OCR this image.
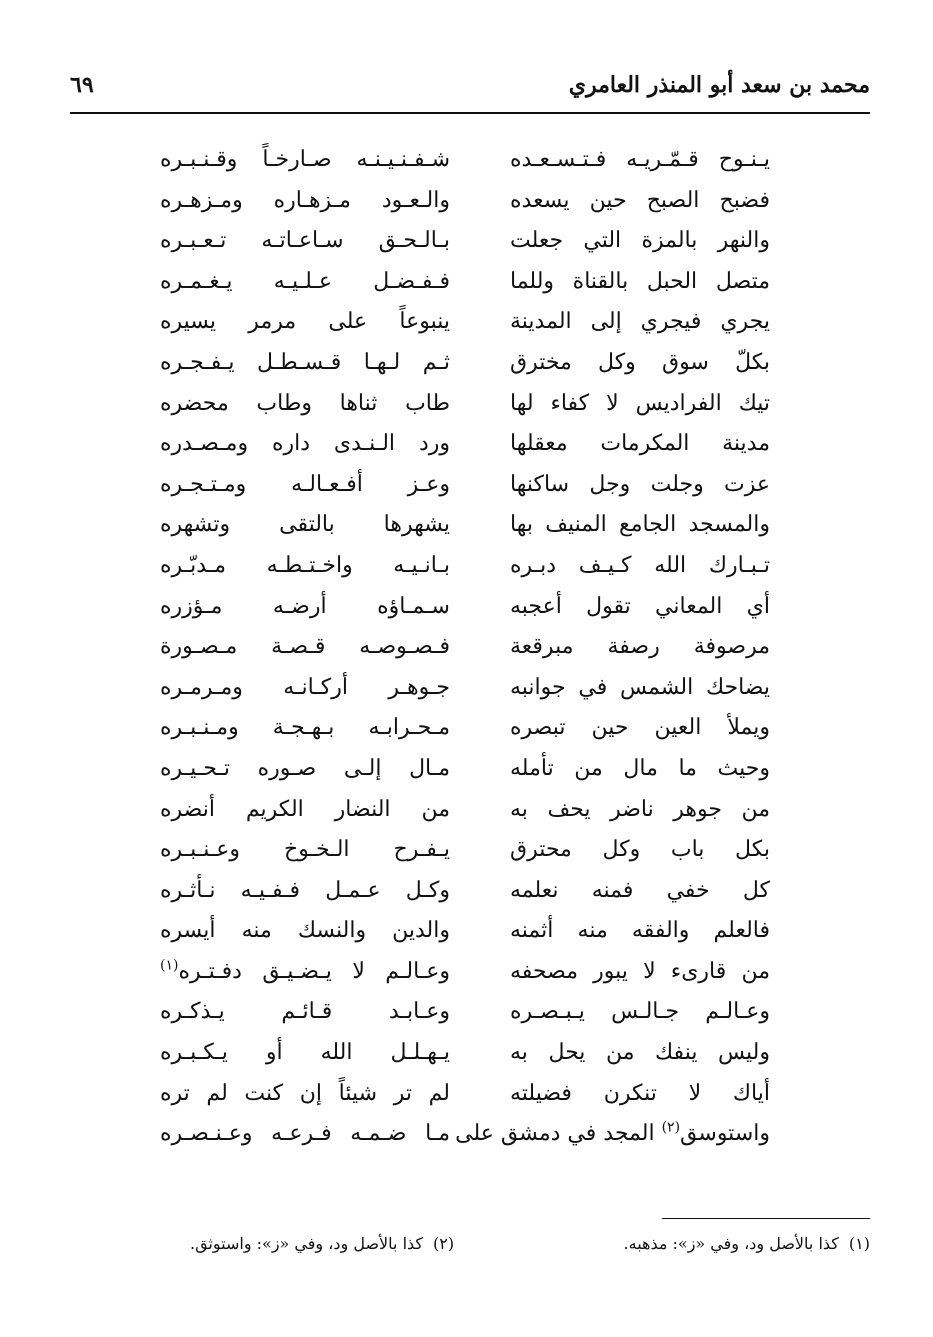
محمد بن سعد أبو المنذر العامري
٦٩
يـنـوح قـمّـريـه فـتـسـعـده
شـفـنـيـنـه صـارخـاً وقـنـبـره
فضبح الصبح حين يسعده
والـعـود مـزهـاره ومـزهـره
والنهر بالمزة التي جعلت
بـالـحـق سـاعـاتـه تـعـبـره
متصل الحبل بالقناة وللما
فـفـضـل عـلـيـه يـغـمـره
يجري فيجري إلى المدينة
ينبوعاً على مرمر يسيره
بكلّ سوق وكل مخترق
ثـم لـهـا قـسـطـل يـفـجـره
تيك الفراديس لا كفاء لها
طاب ثناها وطاب محضره
مدينة المكرمات معقلها
ورد الـنـدى داره ومـصـدره
عزت وجلت وجل ساكنها
وعـز أفـعـالـه ومـتـجـره
والمسجد الجامع المنيف بها
يشهرها بالتقى وتشهره
تـبـارك الله كـيـف دبـره
بـانـيـه واخـتـطـه مـدبّـره
أي المعاني تقول أعجبه
سـمـاؤه أرضـه مـؤزره
مرصوفة رصفة مبرقعة
فـصـوصـه قـصـة مـصـورة
يضاحك الشمس في جوانبه
جـوهـر أركـانـه ومـرمـره
ويملأ العين حين تبصره
مـحـرابـه بـهـجـة ومـنـبـره
وحيث ما مال من تأمله
مـال إلـى صـوره تـحـيـره
من جوهر ناضر يحف به
من النضار الكريم أنضره
بكل باب وكل محترق
يـفـرح الـخـوخ وعـنـبـره
كل خفي فمنه نعلمه
وكـل عـمـل فـفـيـه نـأثـره
فالعلم والفقه منه أثمنه
والدين والنسك منه أيسره
من قارىء لا يبور مصحفه
وعـالـم لا يـضـيـق دفـتـره$^{(١)}$
وعـالـم جـالـس يـبـصـره
وعـابـد قـائـم يـذكـره
وليس ينفك من يحل به
يـهـلـل الله أو يـكـبـره
أياك لا تنكرن فضيلته
لم تر شيئاً إن كنت لم تره
واستوسق$^{(٢)}$ المجد في دمشق على
مـا ضـمـه فـرعـه وعـنـصـره
(١)كذا بالأصل ود، وفي «ز»: مذهبه.
(٢)كذا بالأصل ود، وفي «ز»: واستوثق.
